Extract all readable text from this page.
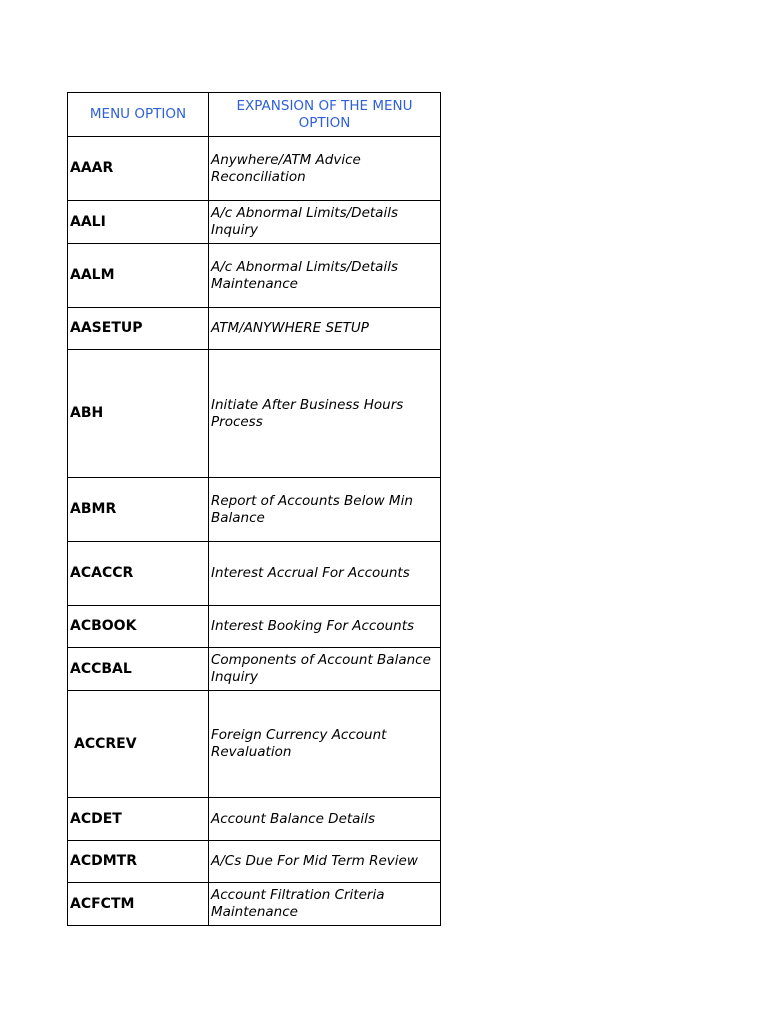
MENU OPTION	EXPANSION OF THE MENU OPTION
AAAR	Anywhere/ATM Advice Reconciliation
AALI	A/c Abnormal Limits/Details Inquiry
AALM	A/c Abnormal Limits/Details Maintenance
AASETUP	ATM/ANYWHERE SETUP
ABH	Initiate After Business Hours Process
ABMR	Report of Accounts Below Min Balance
ACACCR	Interest Accrual For Accounts
ACBOOK	Interest Booking For Accounts
ACCBAL	Components of Account Balance Inquiry
ACCREV	Foreign Currency Account Revaluation
ACDET	Account Balance Details
ACDMTR	A/Cs Due For Mid Term Review
ACFCTM	Account Filtration Criteria Maintenance
